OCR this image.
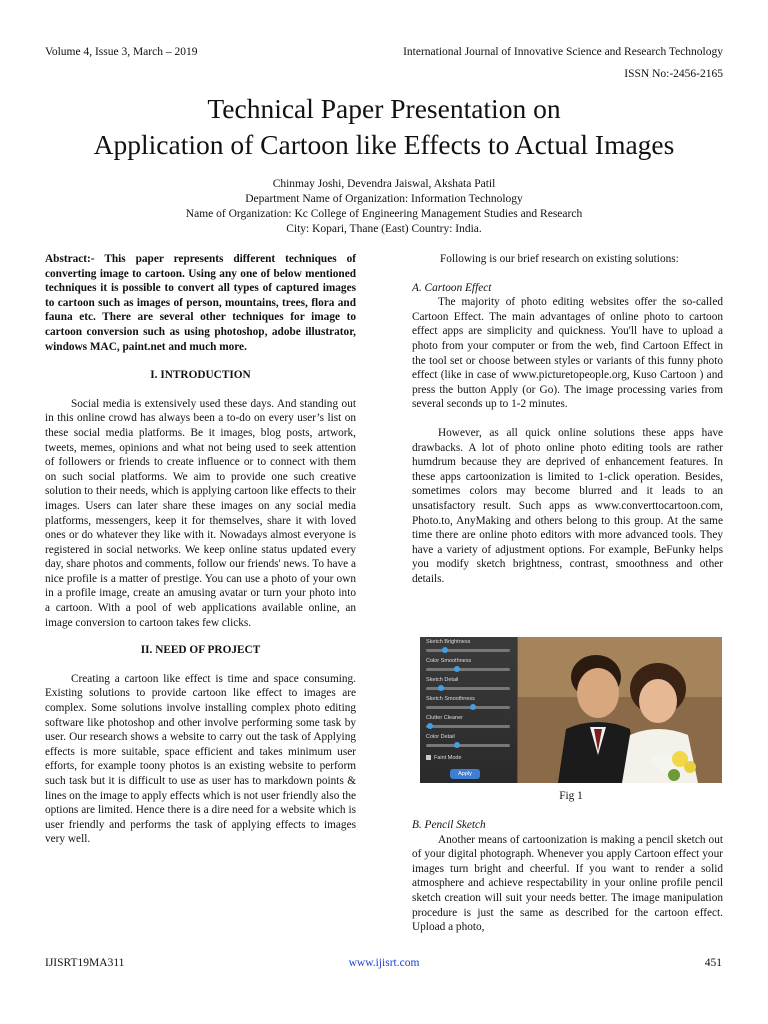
Volume 4, Issue 3, March – 2019	International Journal of Innovative Science and Research Technology
ISSN No:-2456-2165
Technical Paper Presentation on
Application of Cartoon like Effects to Actual Images
Chinmay Joshi, Devendra Jaiswal, Akshata Patil
Department Name of Organization: Information Technology
Name of Organization: Kc College of Engineering Management Studies and Research
City: Kopari, Thane (East) Country: India.

Abstract:- This paper represents different techniques of converting image to cartoon. Using any one of below mentioned techniques it is possible to convert all types of captured images to cartoon such as images of person, mountains, trees, flora and fauna etc. There are several other techniques for image to cartoon conversion such as using photoshop, adobe illustrator, windows MAC, paint.net and much more.

I. INTRODUCTION

Social media is extensively used these days. And standing out in this online crowd has always been a to-do on every user’s list on these social media platforms. Be it images, blog posts, artwork, tweets, memes, opinions and what not being used to seek attention of followers or friends to create influence or to connect with them on such social platforms. We aim to provide one such creative solution to their needs, which is applying cartoon like effects to their images. Users can later share these images on any social media platforms, messengers, keep it for themselves, share it with loved ones or do whatever they like with it. Nowadays almost everyone is registered in social networks. We keep online status updated every day, share photos and comments, follow our friends' news. To have a nice profile is a matter of prestige. You can use a photo of your own in a profile image, create an amusing avatar or turn your photo into a cartoon. With a pool of web applications available online, an image conversion to cartoon takes few clicks.

II. NEED OF PROJECT

Creating a cartoon like effect is time and space consuming. Existing solutions to provide cartoon like effect to images are complex. Some solutions involve installing complex photo editing software like photoshop and other involve performing some task by user. Our research shows a website to carry out the task of Applying effects is more suitable, space efficient and takes minimum user efforts, for example toony photos is an existing website to perform such task but it is difficult to use as user has to markdown points & lines on the image to apply effects which is not user friendly also the options are limited. Hence there is a dire need for a website which is user friendly and performs the task of applying effects to images very well.

Following is our brief research on existing solutions:

A. Cartoon Effect

The majority of photo editing websites offer the so-called Cartoon Effect. The main advantages of online photo to cartoon effect apps are simplicity and quickness. You'll have to upload a photo from your computer or from the web, find Cartoon Effect in the tool set or choose between styles or variants of this funny photo effect (like in case of www.picturetopeople.org, Kuso Cartoon ) and press the button Apply (or Go). The image processing varies from several seconds up to 1-2 minutes.

However, as all quick online solutions these apps have drawbacks. A lot of photo online photo editing tools are rather humdrum because they are deprived of enhancement features. In these apps cartoonization is limited to 1-click operation. Besides, sometimes colors may become blurred and it leads to an unsatisfactory result. Such apps as www.converttocartoon.com, Photo.to, AnyMaking and others belong to this group. At the same time there are online photo editors with more advanced tools. They have a variety of adjustment options. For example, BeFunky helps you modify sketch brightness, contrast, smoothness and other details.

Sketch Brightness
Color Smoothness
Sketch Detail
Sketch Smoothness
Clutter Cleaner
Color Detail
Faint Mode
Apply
Fig 1
B. Pencil Sketch

Another means of cartoonization is making a pencil sketch out of your digital photograph. Whenever you apply Cartoon effect your images turn bright and cheerful. If you want to render a solid atmosphere and achieve respectability in your online profile pencil sketch creation will suit your needs better. The image manipulation procedure is just the same as described for the cartoon effect. Upload a photo,

IJISRT19MA311	www.ijisrt.com	451
